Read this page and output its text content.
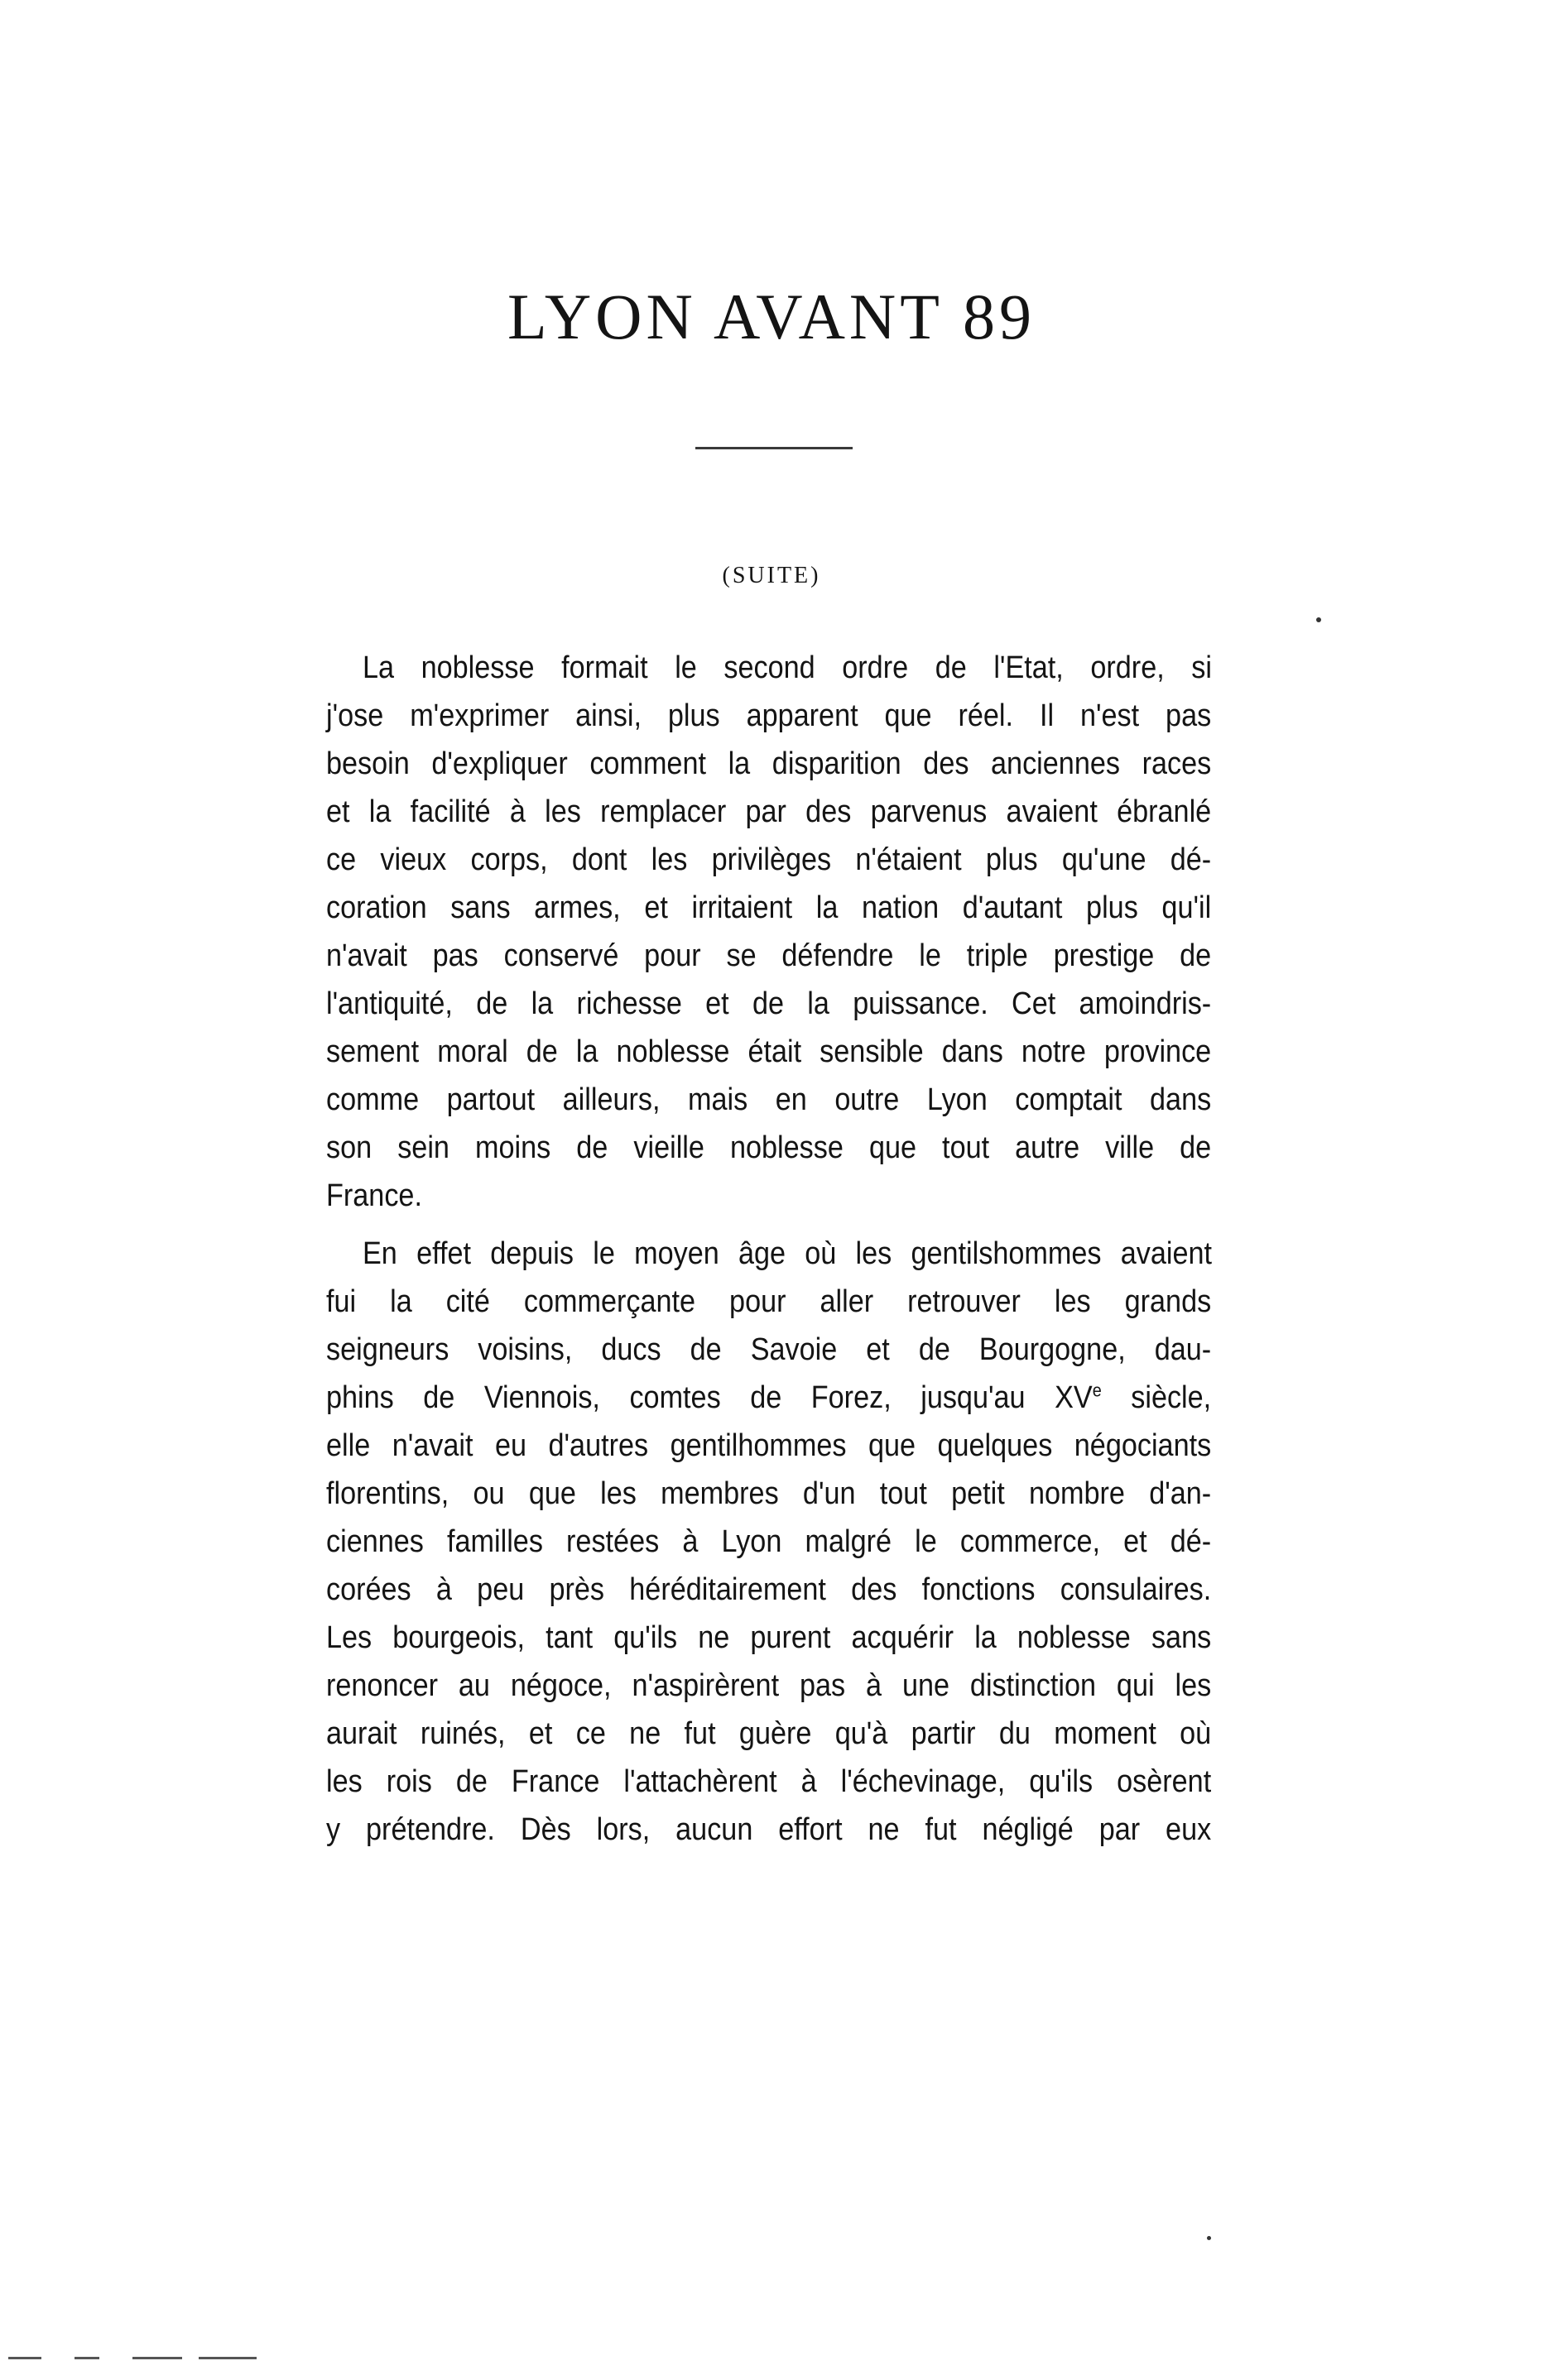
LYON AVANT 89
(SUITE)
La noblesse formait le second ordre de l'Etat, ordre, si
j'ose m'exprimer ainsi, plus apparent que réel. Il n'est pas
besoin d'expliquer comment la disparition des anciennes races
et la facilité à les remplacer par des parvenus avaient ébranlé
ce vieux corps, dont les privilèges n'étaient plus qu'une dé-
coration sans armes, et irritaient la nation d'autant plus qu'il
n'avait pas conservé pour se défendre le triple prestige de
l'antiquité, de la richesse et de la puissance. Cet amoindris-
sement moral de la noblesse était sensible dans notre province
comme partout ailleurs, mais en outre Lyon comptait dans
son sein moins de vieille noblesse que tout autre ville de
France.
En effet depuis le moyen âge où les gentilshommes avaient
fui la cité commerçante pour aller retrouver les grands
seigneurs voisins, ducs de Savoie et de Bourgogne, dau-
phins de Viennois, comtes de Forez, jusqu'au XVe siècle,
elle n'avait eu d'autres gentilhommes que quelques négociants
florentins, ou que les membres d'un tout petit nombre d'an-
ciennes familles restées à Lyon malgré le commerce, et dé-
corées à peu près héréditairement des fonctions consulaires.
Les bourgeois, tant qu'ils ne purent acquérir la noblesse sans
renoncer au négoce, n'aspirèrent pas à une distinction qui les
aurait ruinés, et ce ne fut guère qu'à partir du moment où
les rois de France l'attachèrent à l'échevinage, qu'ils osèrent
y prétendre. Dès lors, aucun effort ne fut négligé par eux
